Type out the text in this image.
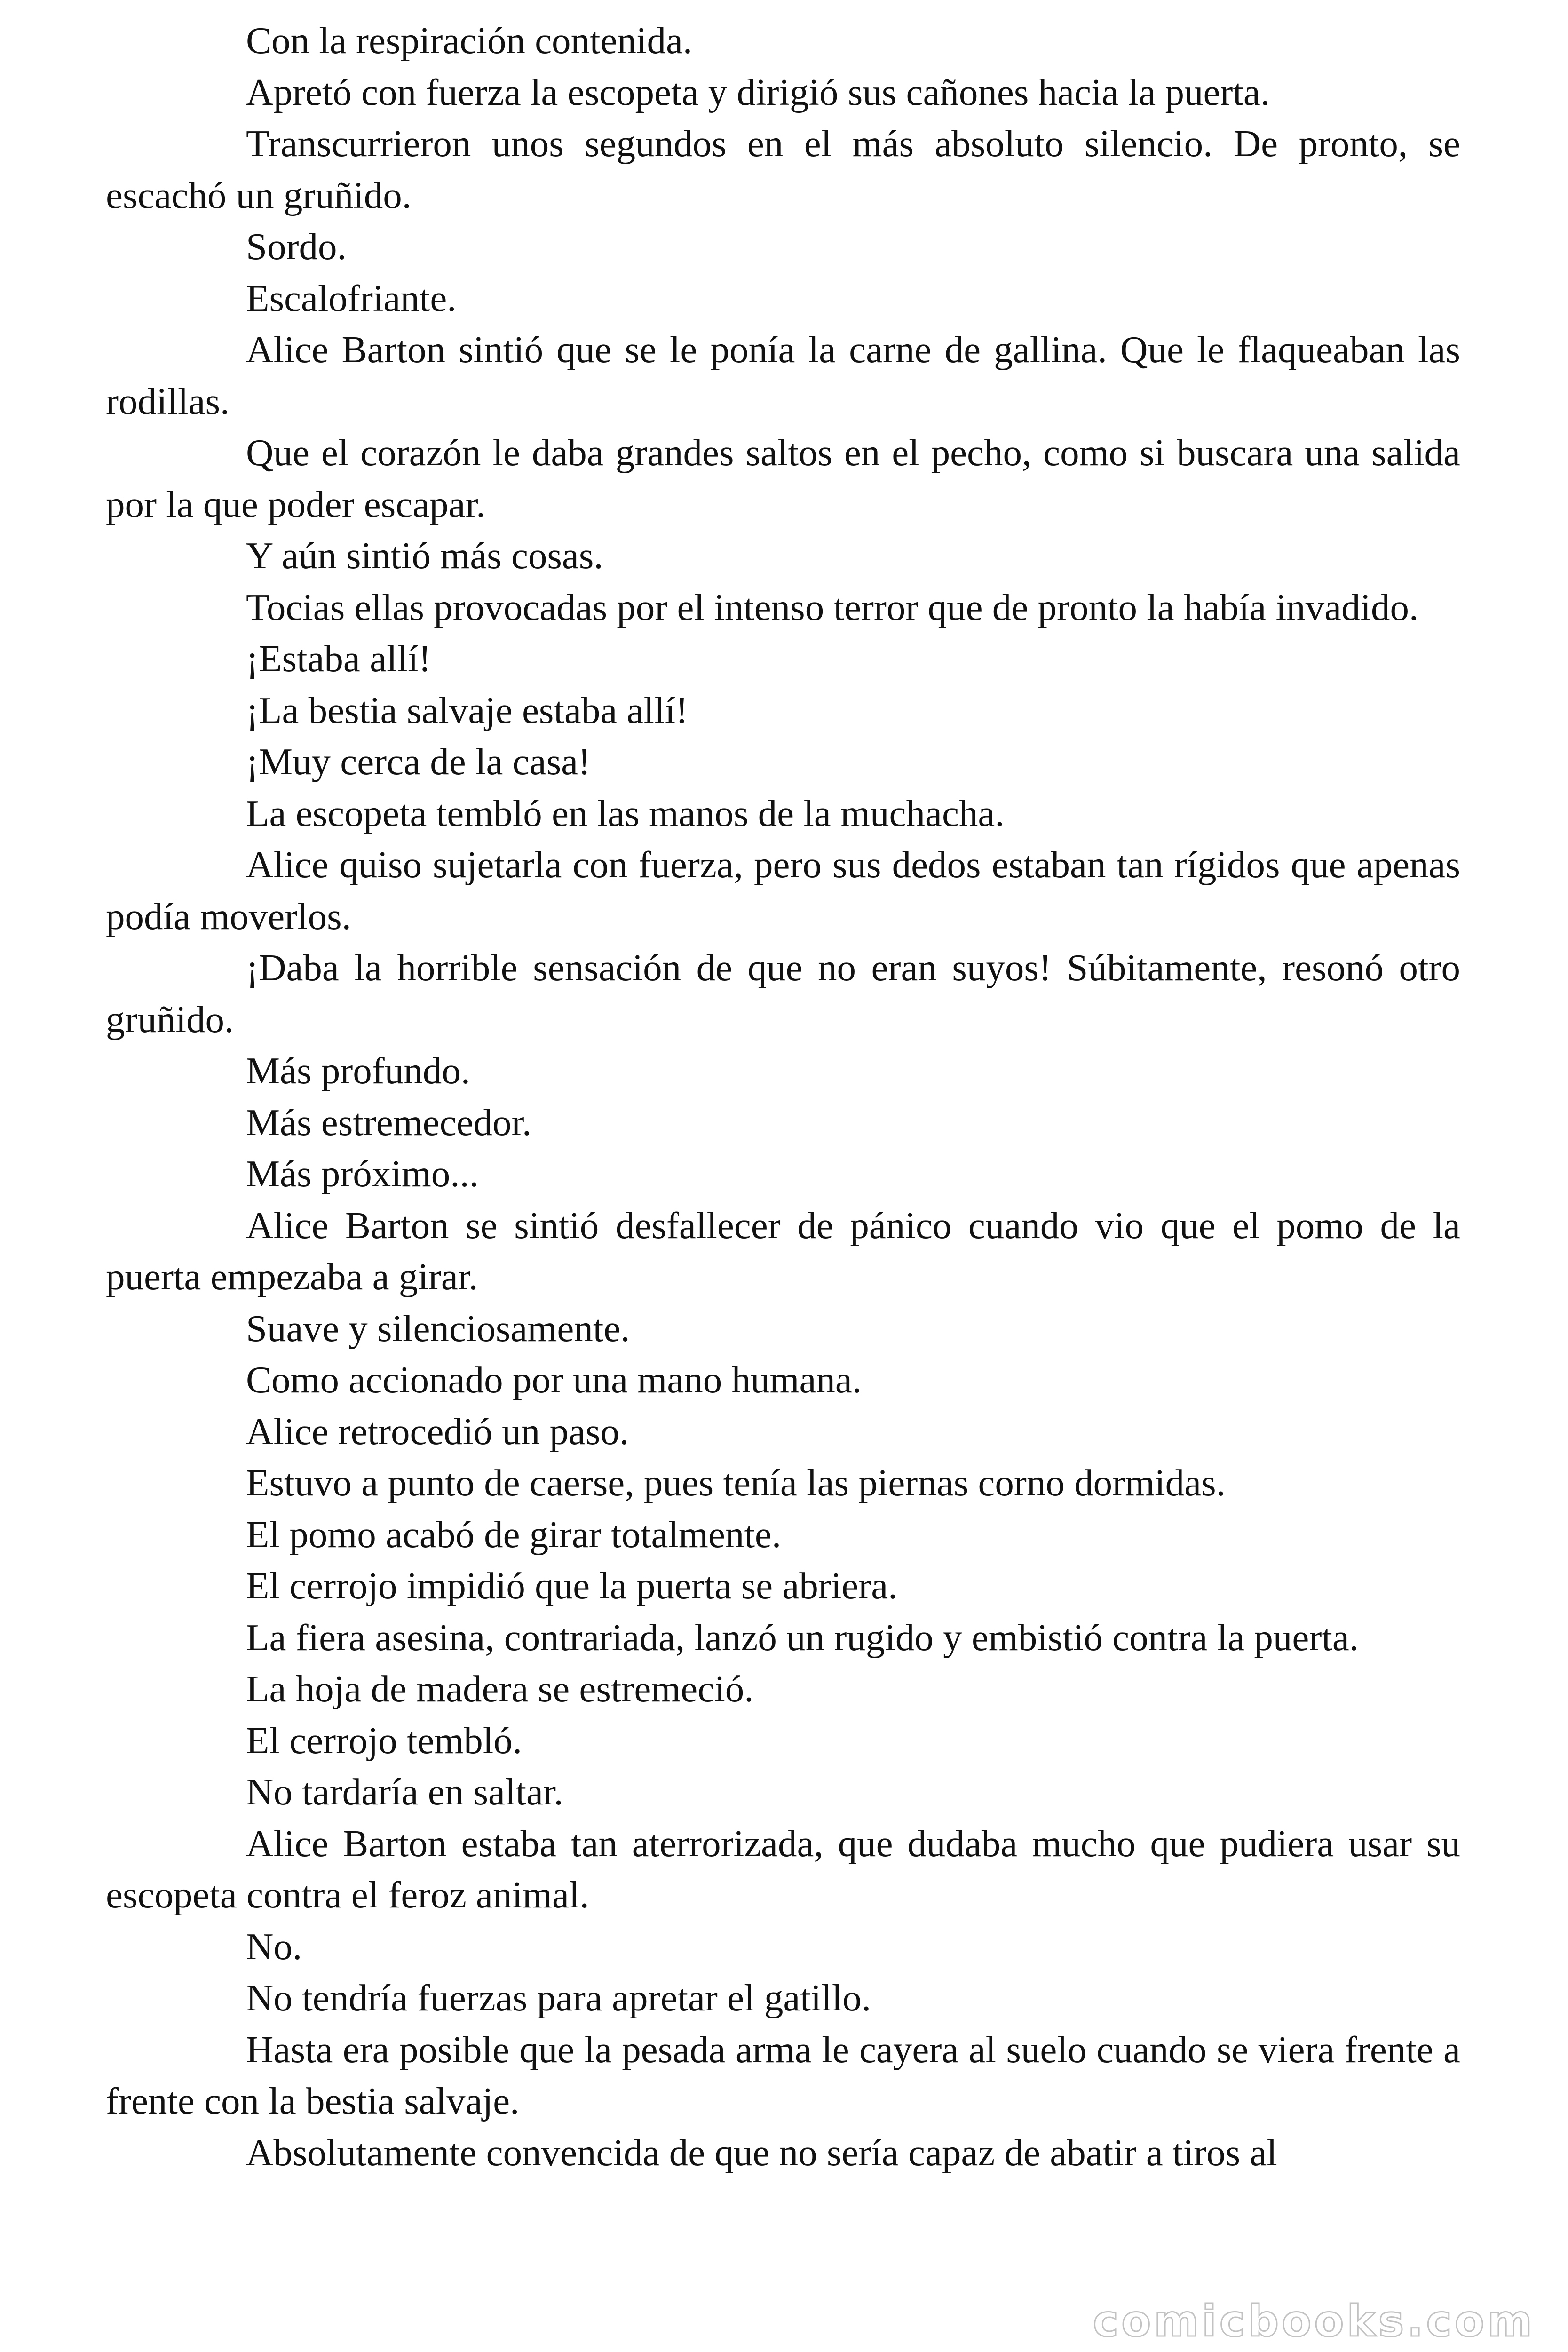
Con la respiración contenida.

Apretó con fuerza la escopeta y dirigió sus cañones hacia la puerta.

Transcurrieron unos segundos en el más absoluto silencio. De pronto, se escachó un gruñido.

Sordo.

Escalofriante.

Alice Barton sintió que se le ponía la carne de gallina. Que le flaqueaban las rodillas.

Que el corazón le daba grandes saltos en el pecho, como si buscara una salida por la que poder escapar.

Y aún sintió más cosas.

Tocias ellas provocadas por el intenso terror que de pronto la había invadido.

¡Estaba allí!

¡La bestia salvaje estaba allí!

¡Muy cerca de la casa!

La escopeta tembló en las manos de la muchacha.

Alice quiso sujetarla con fuerza, pero sus dedos estaban tan rígidos que apenas podía moverlos.

¡Daba la horrible sensación de que no eran suyos! Súbitamente, resonó otro gruñido.

Más profundo.

Más estremecedor.

Más próximo...

Alice Barton se sintió desfallecer de pánico cuando vio que el pomo de la puerta empezaba a girar.

Suave y silenciosamente.

Como accionado por una mano humana.

Alice retrocedió un paso.

Estuvo a punto de caerse, pues tenía las piernas corno dormidas.

El pomo acabó de girar totalmente.

El cerrojo impidió que la puerta se abriera.

La fiera asesina, contrariada, lanzó un rugido y embistió contra la puerta.

La hoja de madera se estremeció.

El cerrojo tembló.

No tardaría en saltar.

Alice Barton estaba tan aterrorizada, que dudaba mucho que pudiera usar su escopeta contra el feroz animal.

No.

No tendría fuerzas para apretar el gatillo.

Hasta era posible que la pesada arma le cayera al suelo cuando se viera frente a frente con la bestia salvaje.

Absolutamente convencida de que no sería capaz de abatir a tiros al

comicbooks.com
